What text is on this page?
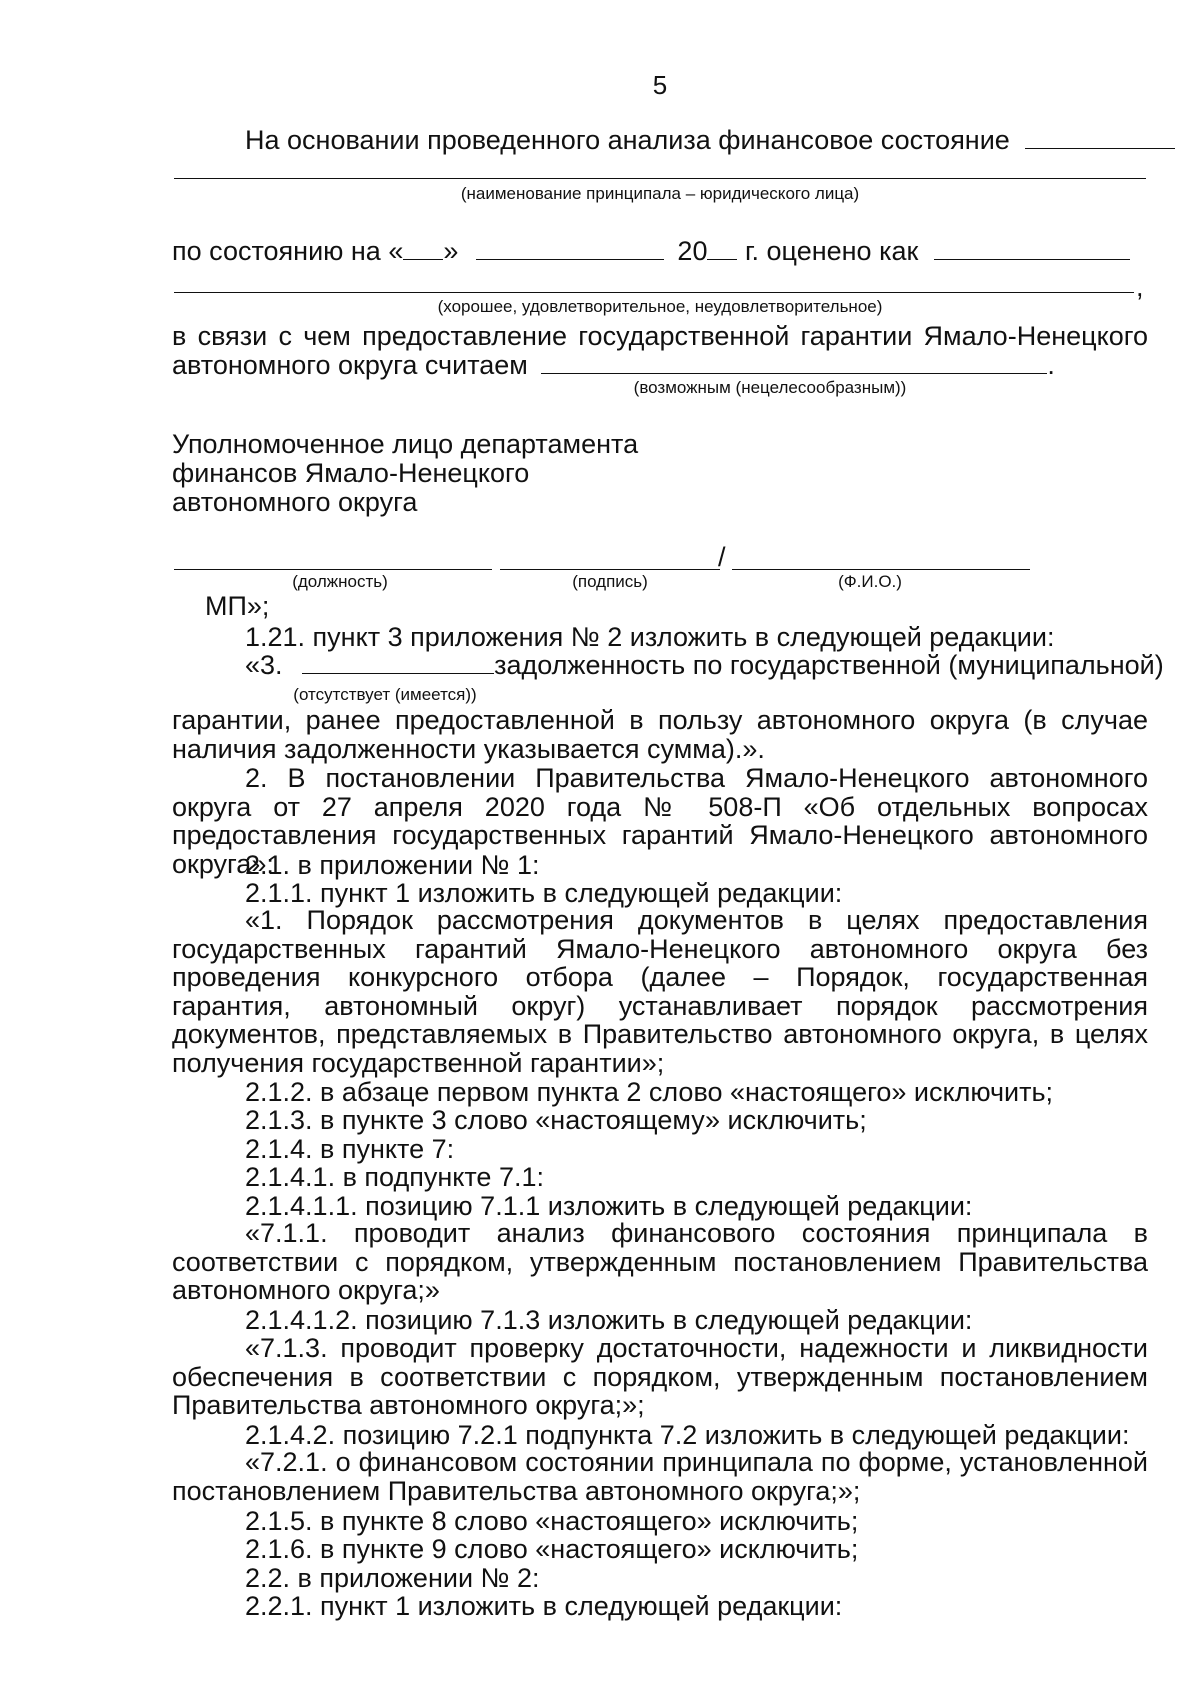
5
На основании проведенного анализа финансовое состояние
(наименование принципала – юридического лица)
по состоянию на « »	20 г. оценено как
,
(хорошее, удовлетворительное, неудовлетворительное)
в связи с чем предоставление государственной гарантии Ямало-Ненецкого
автономного округа считаем	.
(возможным (нецелесообразным))
Уполномоченное лицо департамента
финансов Ямало-Ненецкого
автономного округа
/
(должность)	(подпись)	(Ф.И.О.)
МП»;
1.21. пункт 3 приложения № 2 изложить в следующей редакции:
«3.	задолженность по государственной (муниципальной)
(отсутствует (имеется))
гарантии, ранее предоставленной в пользу автономного округа (в случае наличия задолженности указывается сумма).».
2. В постановлении Правительства Ямало-Ненецкого автономного округа от 27 апреля 2020 года № 508-П «Об отдельных вопросах предоставления государственных гарантий Ямало-Ненецкого автономного округа»:
2.1. в приложении № 1:
2.1.1. пункт 1 изложить в следующей редакции:
«1. Порядок рассмотрения документов в целях предоставления государственных гарантий Ямало-Ненецкого автономного округа без проведения конкурсного отбора (далее – Порядок, государственная гарантия, автономный округ) устанавливает порядок рассмотрения документов, представляемых в Правительство автономного округа, в целях получения государственной гарантии»;
2.1.2. в абзаце первом пункта 2 слово «настоящего» исключить;
2.1.3. в пункте 3 слово «настоящему» исключить;
2.1.4. в пункте 7:
2.1.4.1. в подпункте 7.1:
2.1.4.1.1. позицию 7.1.1 изложить в следующей редакции:
«7.1.1. проводит анализ финансового состояния принципала в соответствии с порядком, утвержденным постановлением Правительства автономного округа;»
2.1.4.1.2. позицию 7.1.3 изложить в следующей редакции:
«7.1.3. проводит проверку достаточности, надежности и ликвидности обеспечения в соответствии с порядком, утвержденным постановлением Правительства автономного округа;»;
2.1.4.2. позицию 7.2.1 подпункта 7.2 изложить в следующей редакции:
«7.2.1. о финансовом состоянии принципала по форме, установленной постановлением Правительства автономного округа;»;
2.1.5. в пункте 8 слово «настоящего» исключить;
2.1.6. в пункте 9 слово «настоящего» исключить;
2.2. в приложении № 2:
2.2.1. пункт 1 изложить в следующей редакции:
